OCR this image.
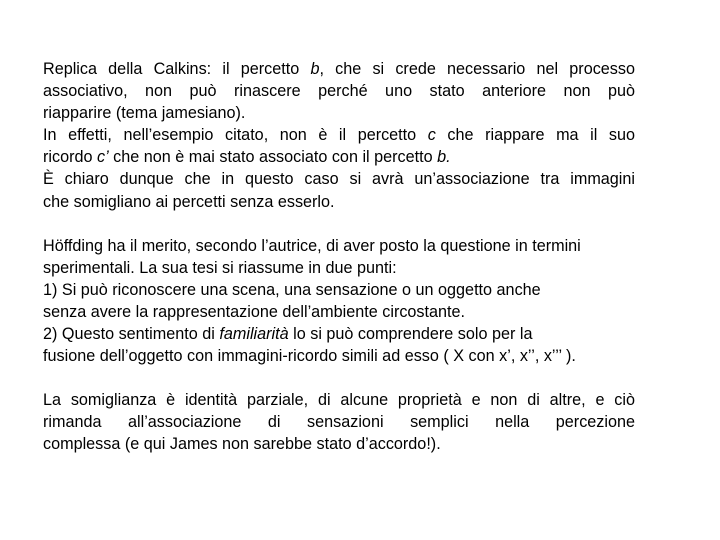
Replica della Calkins: il percetto b, che si crede necessario nel processo
associativo, non può rinascere perché uno stato anteriore non può
riapparire (tema jamesiano).
In effetti, nell’esempio citato, non è il percetto c che riappare ma il suo
ricordo c’ che non è mai stato associato con il percetto b.
È chiaro dunque che in questo caso si avrà un’associazione tra immagini
che somigliano ai percetti senza esserlo.
Höffding ha il merito, secondo l’autrice, di aver posto la questione in termini
sperimentali. La sua tesi si riassume in due punti:
1) Si può riconoscere una scena, una sensazione o un oggetto anche
senza avere la rappresentazione dell’ambiente circostante.
2) Questo sentimento di familiarità lo si può comprendere solo per la
fusione dell’oggetto con immagini-ricordo simili ad esso ( X con x’, x’’, x’’’ ).
La somiglianza è identità parziale, di alcune proprietà e non di altre, e ciò
rimanda all’associazione di sensazioni semplici nella percezione
complessa (e qui James non sarebbe stato d’accordo!).
